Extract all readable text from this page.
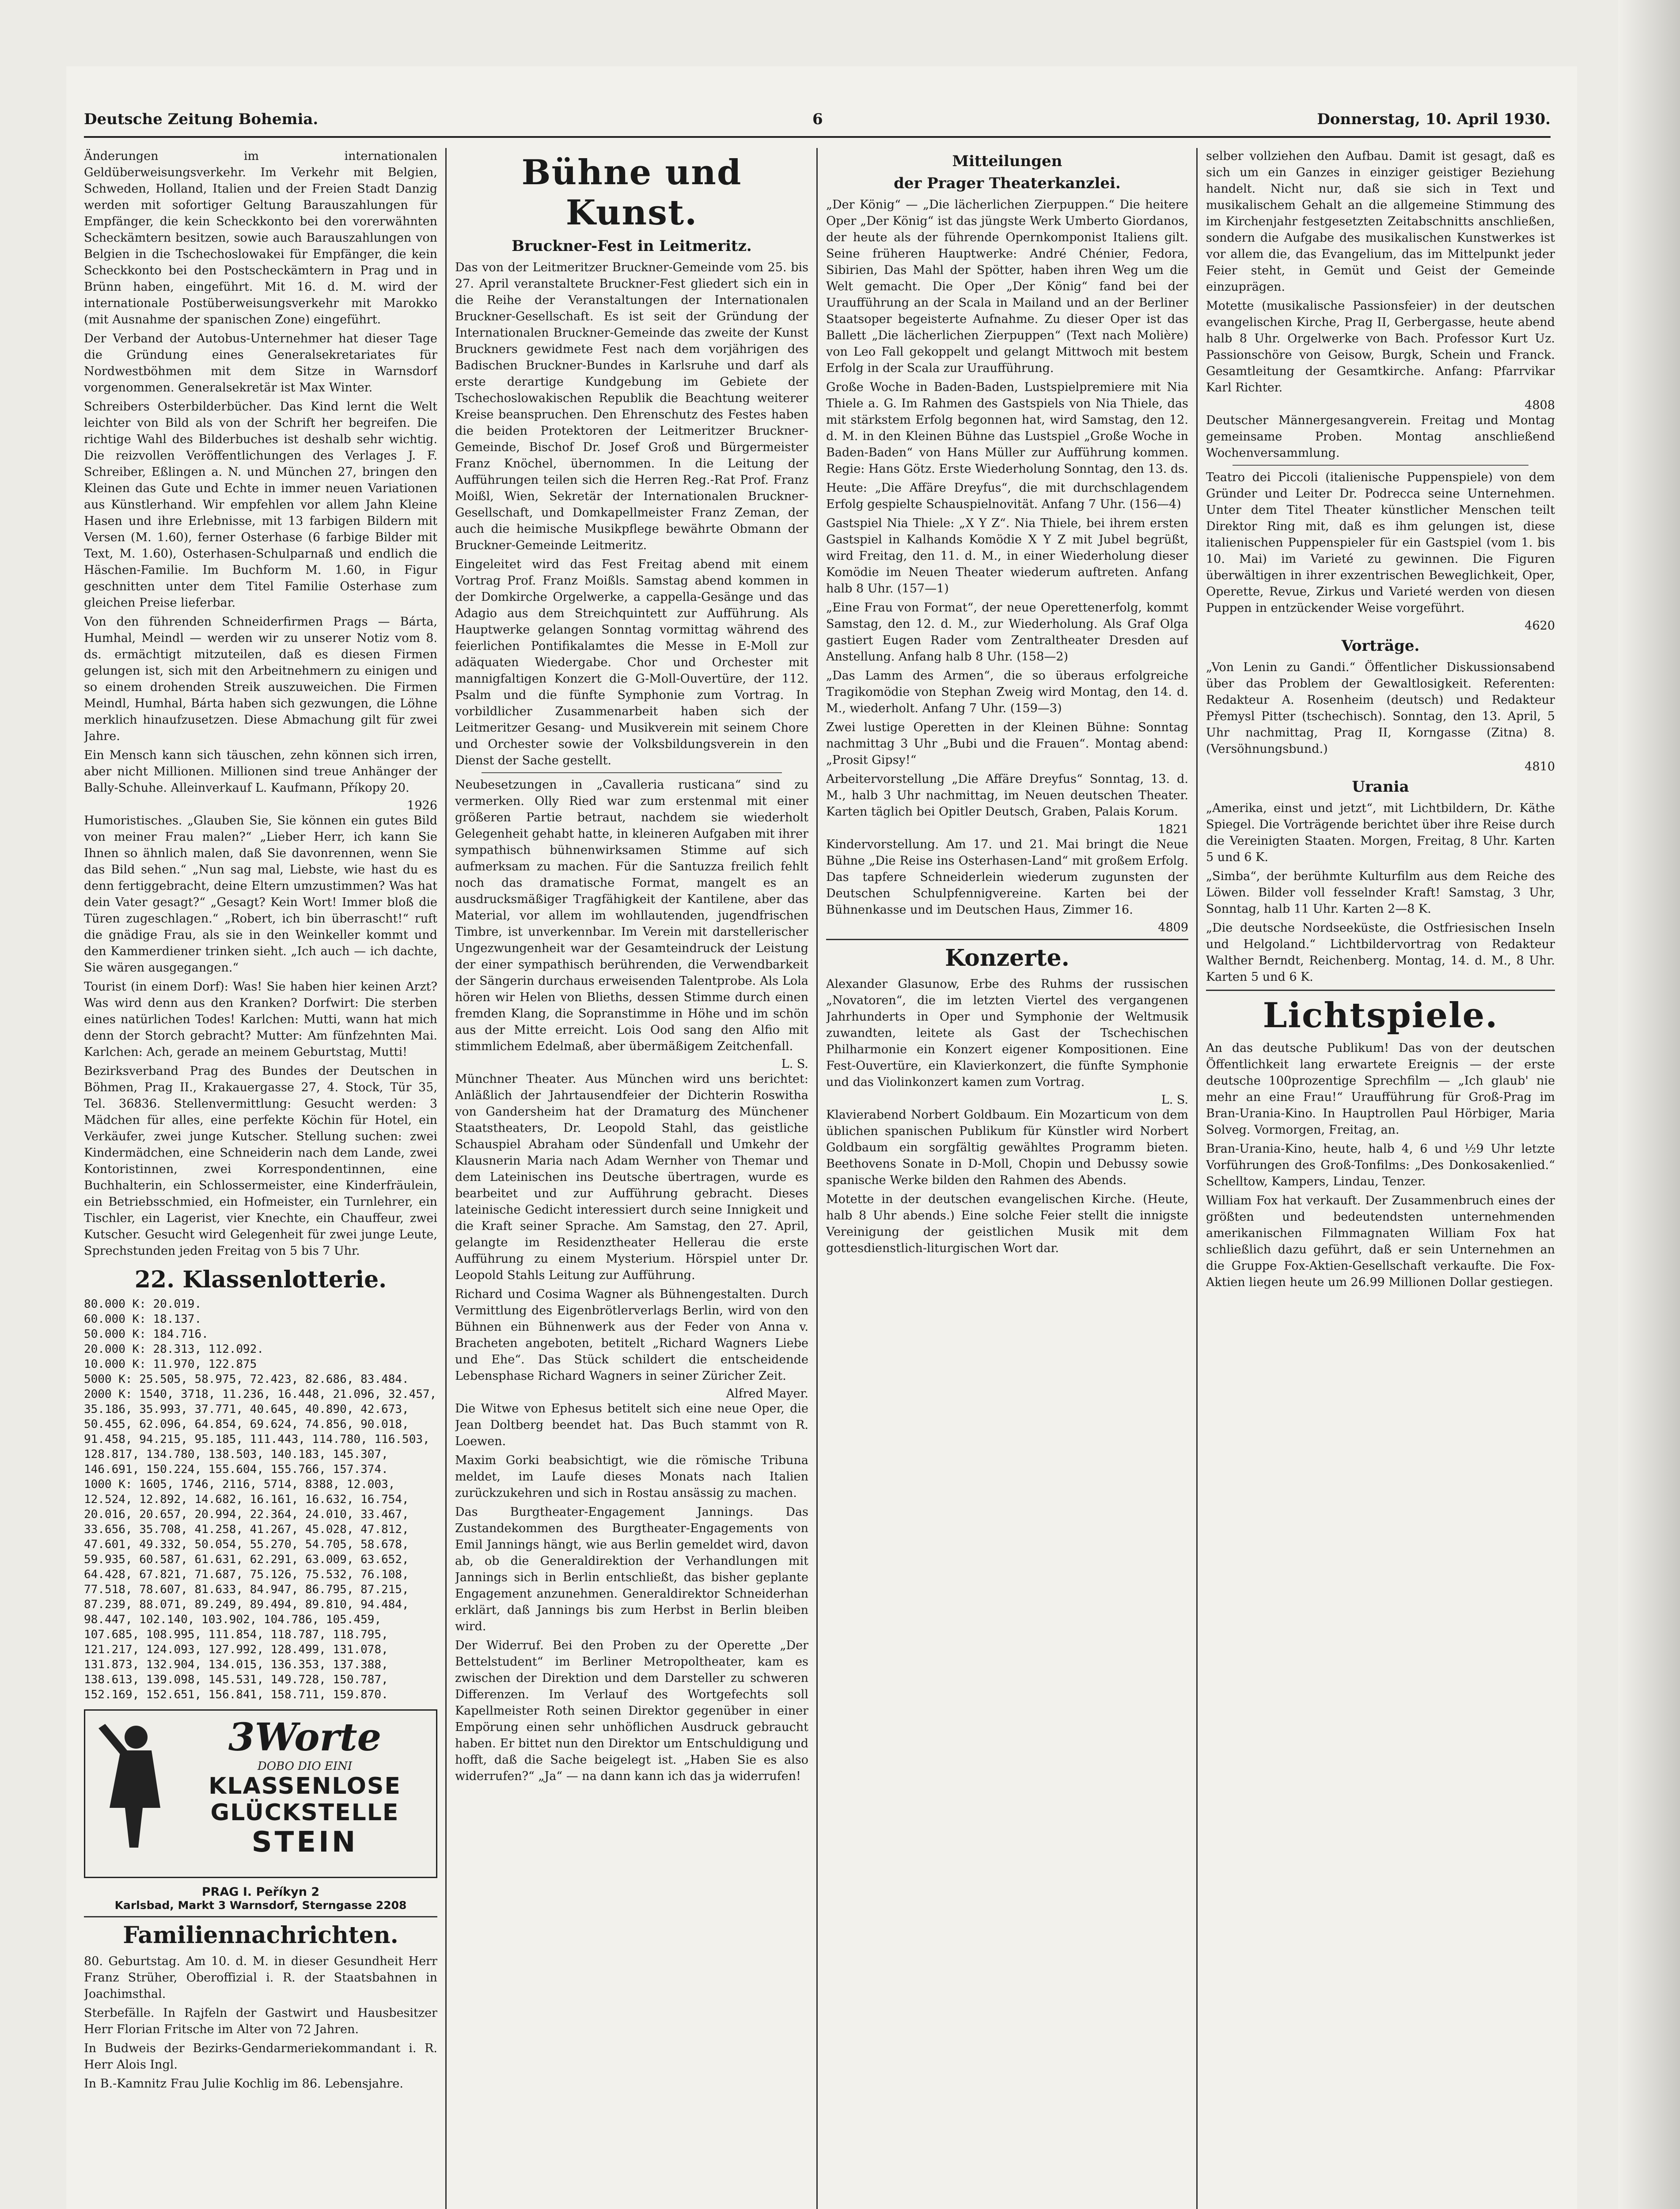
Deutsche Zeitung Bohemia.	6	Donnerstag, 10. April 1930.

Änderungen im internationalen Geldüberweisungsverkehr. Im Verkehr mit Belgien, Schweden, Holland, Italien und der Freien Stadt Danzig werden mit sofortiger Geltung Barauszahlungen für Empfänger, die kein Scheckkonto bei den vorerwähnten Scheckämtern besitzen, sowie auch Barauszahlungen von Belgien in die Tschechoslowakei für Empfänger, die kein Scheckkonto bei den Postscheckämtern in Prag und in Brünn haben, eingeführt. Mit 16. d. M. wird der internationale Postüberweisungsverkehr mit Marokko (mit Ausnahme der spanischen Zone) eingeführt.

Der Verband der Autobus-Unternehmer hat dieser Tage die Gründung eines Generalsekretariates für Nordwestböhmen mit dem Sitze in Warnsdorf vorgenommen. Generalsekretär ist Max Winter.

Schreibers Osterbilderbücher. Das Kind lernt die Welt leichter von Bild als von der Schrift her begreifen. Die richtige Wahl des Bilderbuches ist deshalb sehr wichtig. Die reizvollen Veröffentlichungen des Verlages J. F. Schreiber, Eßlingen a. N. und München 27, bringen den Kleinen das Gute und Echte in immer neuen Variationen aus Künstlerhand. Wir empfehlen vor allem Jahn Kleine Hasen und ihre Erlebnisse, mit 13 farbigen Bildern mit Versen (M. 1.60), ferner Osterhase (6 farbige Bilder mit Text, M. 1.60), Osterhasen-Schulparnaß und endlich die Häschen-Familie. Im Buchform M. 1.60, in Figur geschnitten unter dem Titel Familie Osterhase zum gleichen Preise lieferbar.

Von den führenden Schneiderfirmen Prags — Bárta, Humhal, Meindl — werden wir zu unserer Notiz vom 8. ds. ermächtigt mitzuteilen, daß es diesen Firmen gelungen ist, sich mit den Arbeitnehmern zu einigen und so einem drohenden Streik auszuweichen. Die Firmen Meindl, Humhal, Bárta haben sich gezwungen, die Löhne merklich hinaufzusetzen. Diese Abmachung gilt für zwei Jahre.

Ein Mensch kann sich täuschen, zehn können sich irren, aber nicht Millionen. Millionen sind treue Anhänger der Bally-Schuhe. Alleinverkauf L. Kaufmann, Příkopy 20.

1926

Humoristisches. „Glauben Sie, Sie können ein gutes Bild von meiner Frau malen?“ „Lieber Herr, ich kann Sie Ihnen so ähnlich malen, daß Sie davonrennen, wenn Sie das Bild sehen.“ „Nun sag mal, Liebste, wie hast du es denn fertiggebracht, deine Eltern umzustimmen? Was hat dein Vater gesagt?“ „Gesagt? Kein Wort! Immer bloß die Türen zugeschlagen.“ „Robert, ich bin überrascht!“ ruft die gnädige Frau, als sie in den Weinkeller kommt und den Kammerdiener trinken sieht. „Ich auch — ich dachte, Sie wären ausgegangen.“

Tourist (in einem Dorf): Was! Sie haben hier keinen Arzt? Was wird denn aus den Kranken? Dorfwirt: Die sterben eines natürlichen Todes! Karlchen: Mutti, wann hat mich denn der Storch gebracht? Mutter: Am fünfzehnten Mai. Karlchen: Ach, gerade an meinem Geburtstag, Mutti!

Bezirksverband Prag des Bundes der Deutschen in Böhmen, Prag II., Krakauergasse 27, 4. Stock, Tür 35, Tel. 36836. Stellenvermittlung: Gesucht werden: 3 Mädchen für alles, eine perfekte Köchin für Hotel, ein Verkäufer, zwei junge Kutscher. Stellung suchen: zwei Kindermädchen, eine Schneiderin nach dem Lande, zwei Kontoristinnen, zwei Korrespondentinnen, eine Buchhalterin, ein Schlossermeister, eine Kinderfräulein, ein Betriebsschmied, ein Hofmeister, ein Turnlehrer, ein Tischler, ein Lagerist, vier Knechte, ein Chauffeur, zwei Kutscher. Gesucht wird Gelegenheit für zwei junge Leute, Sprechstunden jeden Freitag von 5 bis 7 Uhr.

22. Klassenlotterie.
80.000 K: 20.019.
60.000 K: 18.137.
50.000 K: 184.716.
20.000 K: 28.313, 112.092.
10.000 K: 11.970, 122.875
5000 K: 25.505, 58.975, 72.423, 82.686, 83.484.
2000 K: 1540, 3718, 11.236, 16.448, 21.096, 32.457, 35.186, 35.993, 37.771, 40.645, 40.890, 42.673, 50.455, 62.096, 64.854, 69.624, 74.856, 90.018, 91.458, 94.215, 95.185, 111.443, 114.780, 116.503, 128.817, 134.780, 138.503, 140.183, 145.307, 146.691, 150.224, 155.604, 155.766, 157.374.
1000 K: 1605, 1746, 2116, 5714, 8388, 12.003, 12.524, 12.892, 14.682, 16.161, 16.632, 16.754, 20.016, 20.657, 20.994, 22.364, 24.010, 33.467, 33.656, 35.708, 41.258, 41.267, 45.028, 47.812, 47.601, 49.332, 50.054, 55.270, 54.705, 58.678, 59.935, 60.587, 61.631, 62.291, 63.009, 63.652, 64.428, 67.821, 71.687, 75.126, 75.532, 76.108, 77.518, 78.607, 81.633, 84.947, 86.795, 87.215, 87.239, 88.071, 89.249, 89.494, 89.810, 94.484, 98.447, 102.140, 103.902, 104.786, 105.459, 107.685, 108.995, 111.854, 118.787, 118.795, 121.217, 124.093, 127.992, 128.499, 131.078, 131.873, 132.904, 134.015, 136.353, 137.388, 138.613, 139.098, 145.531, 149.728, 150.787, 152.169, 152.651, 156.841, 158.711, 159.870.
3Worte
DOBO DIO EINI
KLASSENLOSE
GLÜCKSTELLE
STEIN
PRAG I. Peříkyn 2
Karlsbad, Markt 3 Warnsdorf, Sterngasse 2208
Familiennachrichten.

80. Geburtstag. Am 10. d. M. in dieser Gesundheit Herr Franz Strüher, Oberoffizial i. R. der Staatsbahnen in Joachimsthal.

Sterbefälle. In Rajfeln der Gastwirt und Hausbesitzer Herr Florian Fritsche im Alter von 72 Jahren.

In Budweis der Bezirks-Gendarmeriekommandant i. R. Herr Alois Ingl.

In B.-Kamnitz Frau Julie Kochlig im 86. Lebensjahre.

Bühne und Kunst.
Bruckner-Fest in Leitmeritz.

Das von der Leitmeritzer Bruckner-Gemeinde vom 25. bis 27. April veranstaltete Bruckner-Fest gliedert sich ein in die Reihe der Veranstaltungen der Internationalen Bruckner-Gesellschaft. Es ist seit der Gründung der Internationalen Bruckner-Gemeinde das zweite der Kunst Bruckners gewidmete Fest nach dem vorjährigen des Badischen Bruckner-Bundes in Karlsruhe und darf als erste derartige Kundgebung im Gebiete der Tschechoslowakischen Republik die Beachtung weiterer Kreise beanspruchen. Den Ehrenschutz des Festes haben die beiden Protektoren der Leitmeritzer Bruckner-Gemeinde, Bischof Dr. Josef Groß und Bürgermeister Franz Knöchel, übernommen. In die Leitung der Aufführungen teilen sich die Herren Reg.-Rat Prof. Franz Moißl, Wien, Sekretär der Internationalen Bruckner-Gesellschaft, und Domkapellmeister Franz Zeman, der auch die heimische Musikpflege bewährte Obmann der Bruckner-Gemeinde Leitmeritz.

Eingeleitet wird das Fest Freitag abend mit einem Vortrag Prof. Franz Moißls. Samstag abend kommen in der Domkirche Orgelwerke, a cappella-Gesänge und das Adagio aus dem Streichquintett zur Aufführung. Als Hauptwerke gelangen Sonntag vormittag während des feierlichen Pontifikalamtes die Messe in E-Moll zur adäquaten Wiedergabe. Chor und Orchester mit mannigfaltigen Konzert die G-Moll-Ouvertüre, der 112. Psalm und die fünfte Symphonie zum Vortrag. In vorbildlicher Zusammenarbeit haben sich der Leitmeritzer Gesang- und Musikverein mit seinem Chore und Orchester sowie der Volksbildungsverein in den Dienst der Sache gestellt.

Neubesetzungen in „Cavalleria rusticana“ sind zu vermerken. Olly Ried war zum erstenmal mit einer größeren Partie betraut, nachdem sie wiederholt Gelegenheit gehabt hatte, in kleineren Aufgaben mit ihrer sympathisch bühnenwirksamen Stimme auf sich aufmerksam zu machen. Für die Santuzza freilich fehlt noch das dramatische Format, mangelt es an ausdrucksmäßiger Tragfähigkeit der Kantilene, aber das Material, vor allem im wohllautenden, jugendfrischen Timbre, ist unverkennbar. Im Verein mit darstellerischer Ungezwungenheit war der Gesamteindruck der Leistung der einer sympathisch berührenden, die Verwendbarkeit der Sängerin durchaus erweisenden Talentprobe. Als Lola hören wir Helen von Blieths, dessen Stimme durch einen fremden Klang, die Sopranstimme in Höhe und im schön aus der Mitte erreicht. Lois Ood sang den Alfio mit stimmlichem Edelmaß, aber übermäßigem Zeitchenfall.

L. S.

Münchner Theater. Aus München wird uns berichtet: Anläßlich der Jahrtausendfeier der Dichterin Roswitha von Gandersheim hat der Dramaturg des Münchener Staatstheaters, Dr. Leopold Stahl, das geistliche Schauspiel Abraham oder Sündenfall und Umkehr der Klausnerin Maria nach Adam Wernher von Themar und dem Lateinischen ins Deutsche übertragen, wurde es bearbeitet und zur Aufführung gebracht. Dieses lateinische Gedicht interessiert durch seine Innigkeit und die Kraft seiner Sprache. Am Samstag, den 27. April, gelangte im Residenztheater Hellerau die erste Aufführung zu einem Mysterium. Hörspiel unter Dr. Leopold Stahls Leitung zur Aufführung.

Richard und Cosima Wagner als Bühnengestalten. Durch Vermittlung des Eigenbrötlerverlags Berlin, wird von den Bühnen ein Bühnenwerk aus der Feder von Anna v. Bracheten angeboten, betitelt „Richard Wagners Liebe und Ehe“. Das Stück schildert die entscheidende Lebensphase Richard Wagners in seiner Züricher Zeit.

Alfred Mayer.

Die Witwe von Ephesus betitelt sich eine neue Oper, die Jean Doltberg beendet hat. Das Buch stammt von R. Loewen.

Maxim Gorki beabsichtigt, wie die römische Tribuna meldet, im Laufe dieses Monats nach Italien zurückzukehren und sich in Rostau ansässig zu machen.

Das Burgtheater-Engagement Jannings. Das Zustandekommen des Burgtheater-Engagements von Emil Jannings hängt, wie aus Berlin gemeldet wird, davon ab, ob die Generaldirektion der Verhandlungen mit Jannings sich in Berlin entschließt, das bisher geplante Engagement anzunehmen. Generaldirektor Schneiderhan erklärt, daß Jannings bis zum Herbst in Berlin bleiben wird.

Der Widerruf. Bei den Proben zu der Operette „Der Bettelstudent“ im Berliner Metropoltheater, kam es zwischen der Direktion und dem Darsteller zu schweren Differenzen. Im Verlauf des Wortgefechts soll Kapellmeister Roth seinen Direktor gegenüber in einer Empörung einen sehr unhöflichen Ausdruck gebraucht haben. Er bittet nun den Direktor um Entschuldigung und hofft, daß die Sache beigelegt ist. „Haben Sie es also widerrufen?“ „Ja“ — na dann kann ich das ja widerrufen!

Mitteilungen
der Prager Theaterkanzlei.

„Der König“ — „Die lächerlichen Zierpuppen.“ Die heitere Oper „Der König“ ist das jüngste Werk Umberto Giordanos, der heute als der führende Opernkomponist Italiens gilt. Seine früheren Hauptwerke: André Chénier, Fedora, Sibirien, Das Mahl der Spötter, haben ihren Weg um die Welt gemacht. Die Oper „Der König“ fand bei der Uraufführung an der Scala in Mailand und an der Berliner Staatsoper begeisterte Aufnahme. Zu dieser Oper ist das Ballett „Die lächerlichen Zierpuppen“ (Text nach Molière) von Leo Fall gekoppelt und gelangt Mittwoch mit bestem Erfolg in der Scala zur Uraufführung.

Große Woche in Baden-Baden, Lustspielpremiere mit Nia Thiele a. G. Im Rahmen des Gastspiels von Nia Thiele, das mit stärkstem Erfolg begonnen hat, wird Samstag, den 12. d. M. in den Kleinen Bühne das Lustspiel „Große Woche in Baden-Baden“ von Hans Müller zur Aufführung kommen. Regie: Hans Götz. Erste Wiederholung Sonntag, den 13. ds.

Heute: „Die Affäre Dreyfus“, die mit durchschlagendem Erfolg gespielte Schauspielnovität. Anfang 7 Uhr. (156—4)

Gastspiel Nia Thiele: „X Y Z“. Nia Thiele, bei ihrem ersten Gastspiel in Kalhands Komödie X Y Z mit Jubel begrüßt, wird Freitag, den 11. d. M., in einer Wiederholung dieser Komödie im Neuen Theater wiederum auftreten. Anfang halb 8 Uhr. (157—1)

„Eine Frau von Format“, der neue Operettenerfolg, kommt Samstag, den 12. d. M., zur Wiederholung. Als Graf Olga gastiert Eugen Rader vom Zentraltheater Dresden auf Anstellung. Anfang halb 8 Uhr. (158—2)

„Das Lamm des Armen“, die so überaus erfolgreiche Tragikomödie von Stephan Zweig wird Montag, den 14. d. M., wiederholt. Anfang 7 Uhr. (159—3)

Zwei lustige Operetten in der Kleinen Bühne: Sonntag nachmittag 3 Uhr „Bubi und die Frauen“. Montag abend: „Prosit Gipsy!“

Arbeitervorstellung „Die Affäre Dreyfus“ Sonntag, 13. d. M., halb 3 Uhr nachmittag, im Neuen deutschen Theater. Karten täglich bei Opitler Deutsch, Graben, Palais Korum.

1821

Kindervorstellung. Am 17. und 21. Mai bringt die Neue Bühne „Die Reise ins Osterhasen-Land“ mit großem Erfolg. Das tapfere Schneiderlein wiederum zugunsten der Deutschen Schulpfennigvereine. Karten bei der Bühnenkasse und im Deutschen Haus, Zimmer 16.

4809
Konzerte.

Alexander Glasunow, Erbe des Ruhms der russischen „Novatoren“, die im letzten Viertel des vergangenen Jahrhunderts in Oper und Symphonie der Weltmusik zuwandten, leitete als Gast der Tschechischen Philharmonie ein Konzert eigener Kompositionen. Eine Fest-Ouvertüre, ein Klavierkonzert, die fünfte Symphonie und das Violinkonzert kamen zum Vortrag.

L. S.

Klavierabend Norbert Goldbaum. Ein Mozarticum von dem üblichen spanischen Publikum für Künstler wird Norbert Goldbaum ein sorgfältig gewähltes Programm bieten. Beethovens Sonate in D-Moll, Chopin und Debussy sowie spanische Werke bilden den Rahmen des Abends.

Motette in der deutschen evangelischen Kirche. (Heute, halb 8 Uhr abends.) Eine solche Feier stellt die innigste Vereinigung der geistlichen Musik mit dem gottesdienstlich-liturgischen Wort dar.

selber vollziehen den Aufbau. Damit ist gesagt, daß es sich um ein Ganzes in einziger geistiger Beziehung handelt. Nicht nur, daß sie sich in Text und musikalischem Gehalt an die allgemeine Stimmung des im Kirchenjahr festgesetzten Zeitabschnitts anschließen, sondern die Aufgabe des musikalischen Kunstwerkes ist vor allem die, das Evangelium, das im Mittelpunkt jeder Feier steht, in Gemüt und Geist der Gemeinde einzuprägen.

Motette (musikalische Passionsfeier) in der deutschen evangelischen Kirche, Prag II, Gerbergasse, heute abend halb 8 Uhr. Orgelwerke von Bach. Professor Kurt Uz. Passionschöre von Geisow, Burgk, Schein und Franck. Gesamtleitung der Gesamtkirche. Anfang: Pfarrvikar Karl Richter.

4808

Deutscher Männergesangverein. Freitag und Montag gemeinsame Proben. Montag anschließend Wochenversammlung.

Teatro dei Piccoli (italienische Puppenspiele) von dem Gründer und Leiter Dr. Podrecca seine Unternehmen. Unter dem Titel Theater künstlicher Menschen teilt Direktor Ring mit, daß es ihm gelungen ist, diese italienischen Puppenspieler für ein Gastspiel (vom 1. bis 10. Mai) im Varieté zu gewinnen. Die Figuren überwältigen in ihrer exzentrischen Beweglichkeit, Oper, Operette, Revue, Zirkus und Varieté werden von diesen Puppen in entzückender Weise vorgeführt.

4620
Vorträge.

„Von Lenin zu Gandi.“ Öffentlicher Diskussionsabend über das Problem der Gewaltlosigkeit. Referenten: Redakteur A. Rosenheim (deutsch) und Redakteur Přemysl Pitter (tschechisch). Sonntag, den 13. April, 5 Uhr nachmittag, Prag II, Korngasse (Zitna) 8. (Versöhnungsbund.)

4810
Urania

„Amerika, einst und jetzt“, mit Lichtbildern, Dr. Käthe Spiegel. Die Vorträgende berichtet über ihre Reise durch die Vereinigten Staaten. Morgen, Freitag, 8 Uhr. Karten 5 und 6 K.

„Simba“, der berühmte Kulturfilm aus dem Reiche des Löwen. Bilder voll fesselnder Kraft! Samstag, 3 Uhr, Sonntag, halb 11 Uhr. Karten 2—8 K.

„Die deutsche Nordseeküste, die Ostfriesischen Inseln und Helgoland.“ Lichtbildervortrag von Redakteur Walther Berndt, Reichenberg. Montag, 14. d. M., 8 Uhr. Karten 5 und 6 K.

Lichtspiele.

An das deutsche Publikum! Das von der deutschen Öffentlichkeit lang erwartete Ereignis — der erste deutsche 100prozentige Sprechfilm — „Ich glaub' nie mehr an eine Frau!“ Uraufführung für Groß-Prag im Bran-Urania-Kino. In Hauptrollen Paul Hörbiger, Maria Solveg. Vormorgen, Freitag, an.

Bran-Urania-Kino, heute, halb 4, 6 und ½9 Uhr letzte Vorführungen des Groß-Tonfilms: „Des Donkosakenlied.“ Schelltow, Kampers, Lindau, Tenzer.

William Fox hat verkauft. Der Zusammenbruch eines der größten und bedeutendsten unternehmenden amerikanischen Filmmagnaten William Fox hat schließlich dazu geführt, daß er sein Unternehmen an die Gruppe Fox-Aktien-Gesellschaft verkaufte. Die Fox-Aktien liegen heute um 26.99 Millionen Dollar gestiegen.
